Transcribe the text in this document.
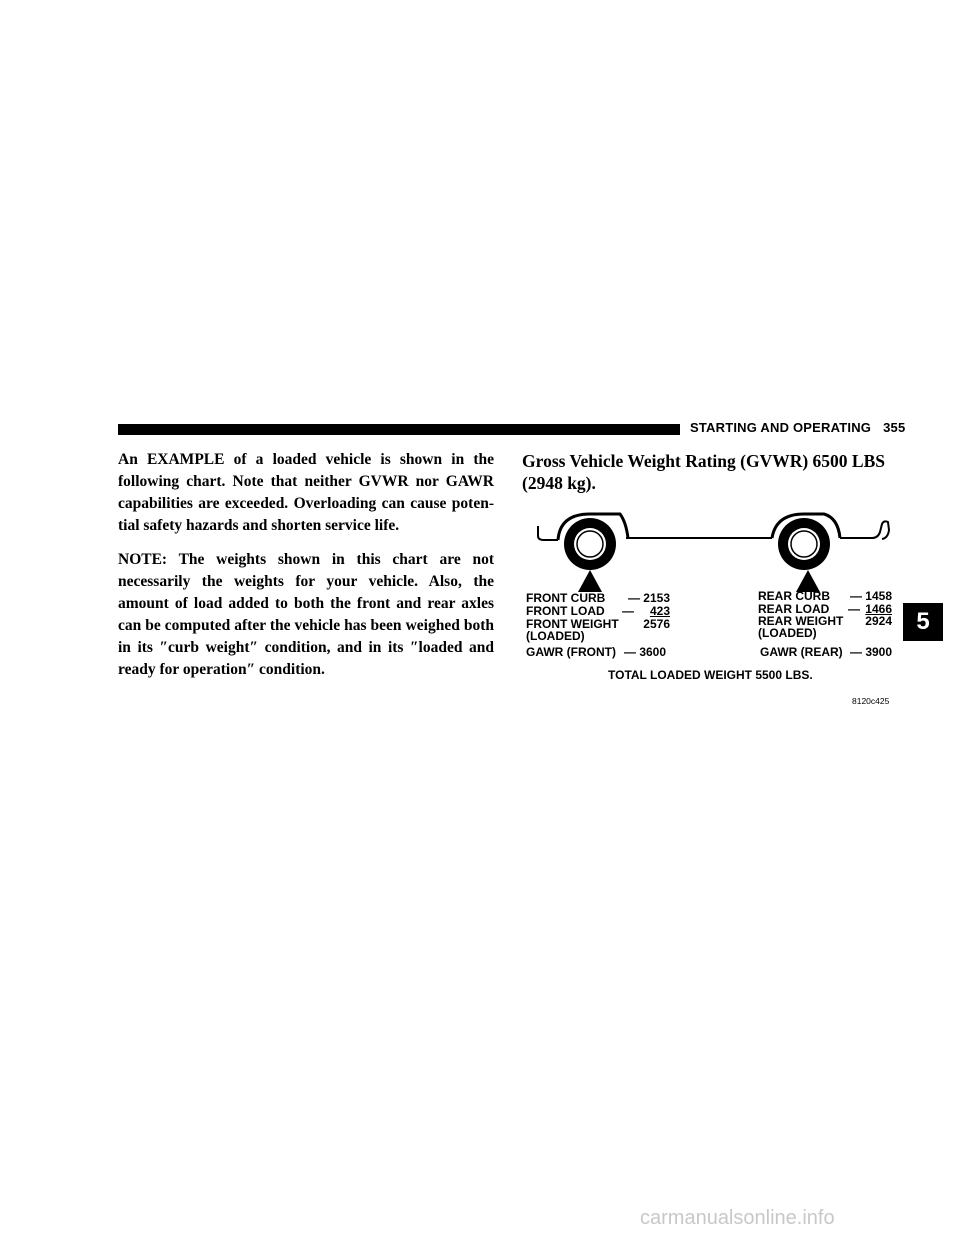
STARTING AND OPERATING 355

An EXAMPLE of a loaded vehicle is shown in the following chart. Note that neither GVWR nor GAWR capabilities are exceeded. Overloading can cause poten-tial safety hazards and shorten service life.

NOTE: The weights shown in this chart are not necessarily the weights for your vehicle. Also, the amount of load added to both the front and rear axles can be computed after the vehicle has been weighed both in its ″curb weight″ condition, and in its ″loaded and ready for operation″ condition.

Gross Vehicle Weight Rating (GVWR) 6500 LBS (2948 kg).
FRONT CURB	— 2153
FRONT LOAD —	423
FRONT WEIGHT	2576
(LOADED)
GAWR (FRONT) — 3600
REAR CURB	— 1458
REAR LOAD — 1466
REAR WEIGHT	2924
(LOADED)
GAWR (REAR) — 3900
TOTAL LOADED WEIGHT 5500 LBS.
8120c425
5
carmanualsonline.info
